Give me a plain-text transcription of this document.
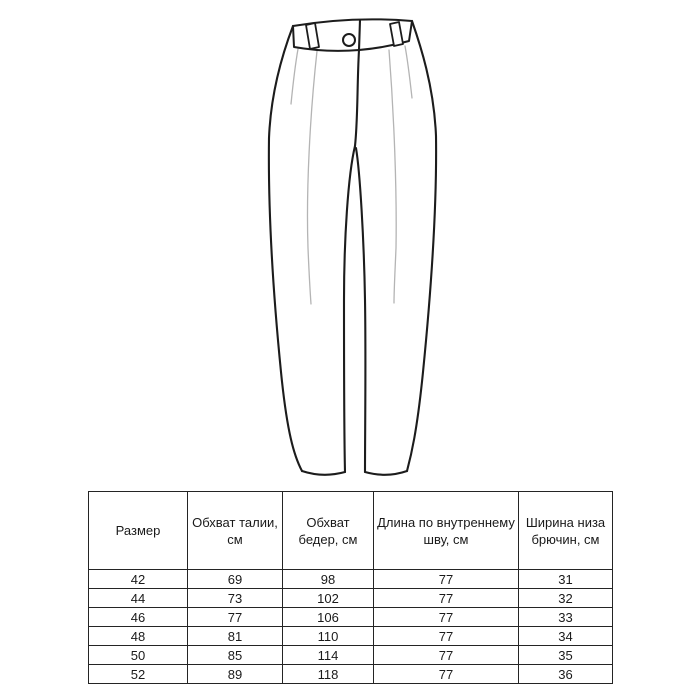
Размер	Обхват талии, см	Обхват бедер, см	Длина по внутреннему шву, см	Ширина низа брючин, см
42	69	98	77	31
44	73	102	77	32
46	77	106	77	33
48	81	110	77	34
50	85	114	77	35
52	89	118	77	36
